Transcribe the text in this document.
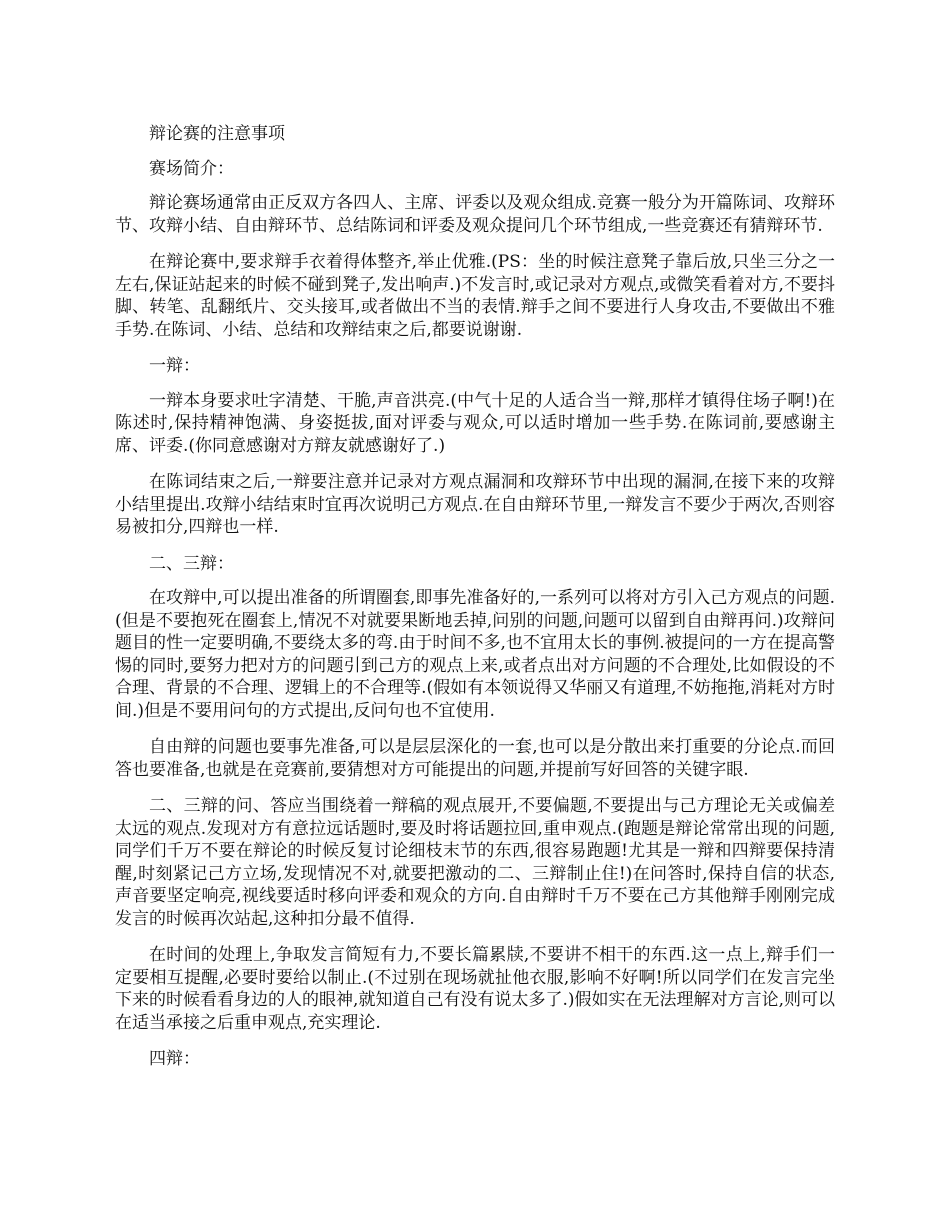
辩论赛的注意事项

赛场简介：

辩论赛场通常由正反双方各四人、主席、评委以及观众组成.竞赛一般分为开篇陈词、攻辩环节、攻辩小结、自由辩环节、总结陈词和评委及观众提问几个环节组成,一些竞赛还有猜辩环节.

在辩论赛中,要求辩手衣着得体整齐,举止优雅.(PS：坐的时候注意凳子靠后放,只坐三分之一左右,保证站起来的时候不碰到凳子,发出响声.)不发言时,或记录对方观点,或微笑看着对方,不要抖脚、转笔、乱翻纸片、交头接耳,或者做出不当的表情.辩手之间不要进行人身攻击,不要做出不雅手势.在陈词、小结、总结和攻辩结束之后,都要说谢谢.

一辩：

一辩本身要求吐字清楚、干脆,声音洪亮.(中气十足的人适合当一辩,那样才镇得住场子啊!)在陈述时,保持精神饱满、身姿挺拔,面对评委与观众,可以适时增加一些手势.在陈词前,要感谢主席、评委.(你同意感谢对方辩友就感谢好了.)

在陈词结束之后,一辩要注意并记录对方观点漏洞和攻辩环节中出现的漏洞,在接下来的攻辩小结里提出.攻辩小结结束时宜再次说明己方观点.在自由辩环节里,一辩发言不要少于两次,否则容易被扣分,四辩也一样.

二、三辩：

在攻辩中,可以提出准备的所谓圈套,即事先准备好的,一系列可以将对方引入己方观点的问题.(但是不要抱死在圈套上,情况不对就要果断地丢掉,问别的问题,问题可以留到自由辩再问.)攻辩问题目的性一定要明确,不要绕太多的弯.由于时间不多,也不宜用太长的事例.被提问的一方在提高警惕的同时,要努力把对方的问题引到己方的观点上来,或者点出对方问题的不合理处,比如假设的不合理、背景的不合理、逻辑上的不合理等.(假如有本领说得又华丽又有道理,不妨拖拖,消耗对方时间.)但是不要用问句的方式提出,反问句也不宜使用.

自由辩的问题也要事先准备,可以是层层深化的一套,也可以是分散出来打重要的分论点.而回答也要准备,也就是在竞赛前,要猜想对方可能提出的问题,并提前写好回答的关键字眼.

二、三辩的问、答应当围绕着一辩稿的观点展开,不要偏题,不要提出与己方理论无关或偏差太远的观点.发现对方有意拉远话题时,要及时将话题拉回,重申观点.(跑题是辩论常常出现的问题,同学们千万不要在辩论的时候反复讨论细枝末节的东西,很容易跑题!尤其是一辩和四辩要保持清醒,时刻紧记己方立场,发现情况不对,就要把激动的二、三辩制止住!)在问答时,保持自信的状态,声音要坚定响亮,视线要适时移向评委和观众的方向.自由辩时千万不要在己方其他辩手刚刚完成发言的时候再次站起,这种扣分最不值得.

在时间的处理上,争取发言简短有力,不要长篇累牍,不要讲不相干的东西.这一点上,辩手们一定要相互提醒,必要时要给以制止.(不过别在现场就扯他衣服,影响不好啊!所以同学们在发言完坐下来的时候看看身边的人的眼神,就知道自己有没有说太多了.)假如实在无法理解对方言论,则可以在适当承接之后重申观点,充实理论.

四辩：
